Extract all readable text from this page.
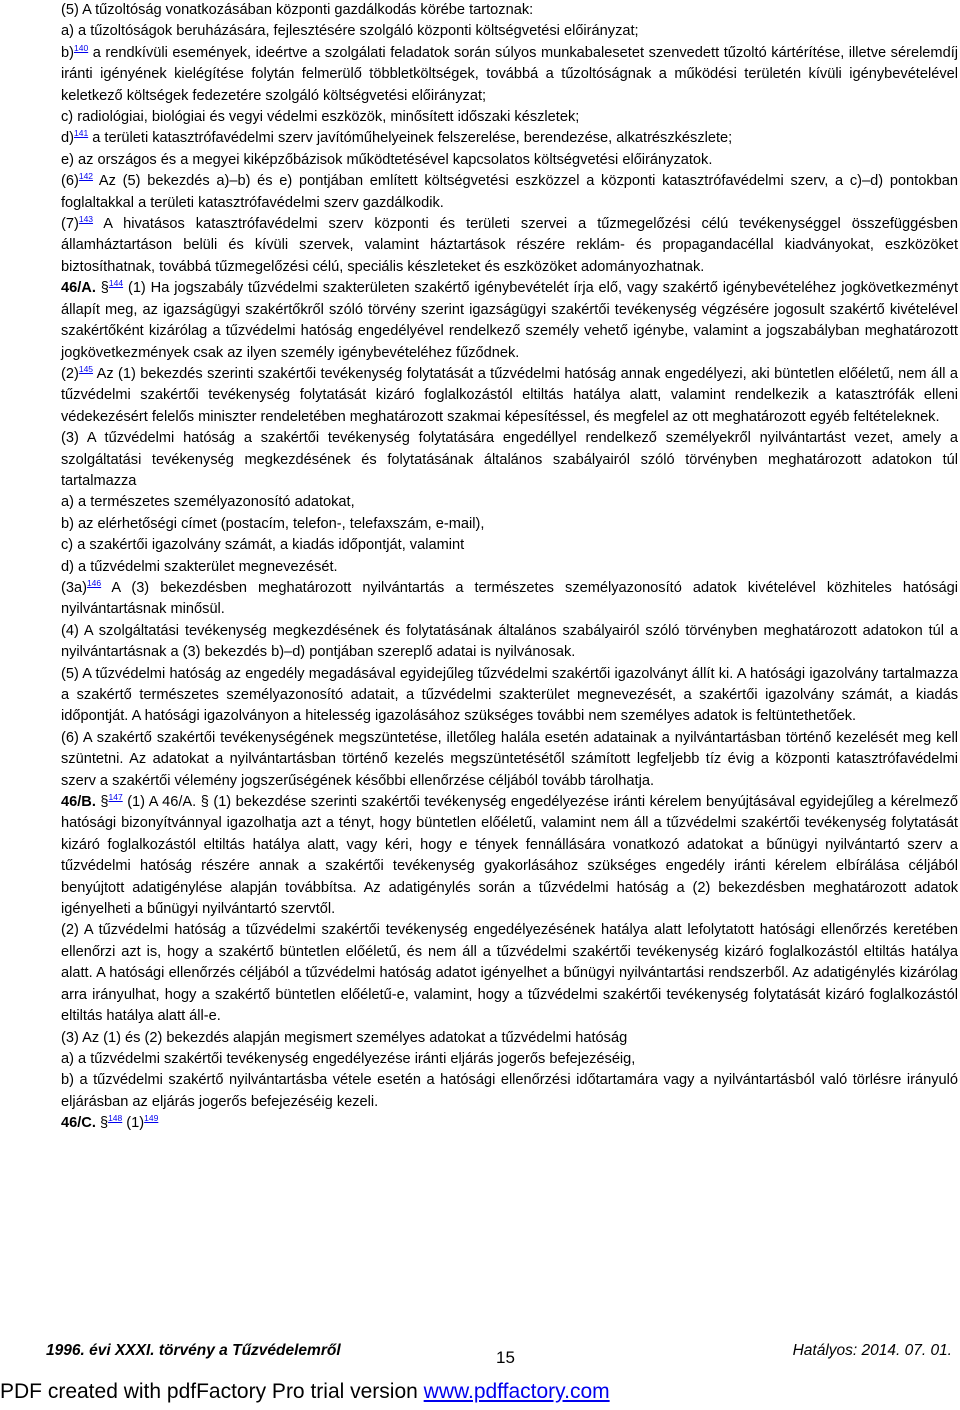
(5) A tűzoltóság vonatkozásában központi gazdálkodás körébe tartoznak:

a) a tűzoltóságok beruházására, fejlesztésére szolgáló központi költségvetési előirányzat;

b)$^{140}$ a rendkívüli események, ideértve a szolgálati feladatok során súlyos munkabalesetet szenvedett tűzoltó kártérítése, illetve sérelemdíj iránti igényének kielégítése folytán felmerülő többletköltségek, továbbá a tűzoltóságnak a működési területén kívüli igénybevételével keletkező költségek fedezetére szolgáló költségvetési előirányzat;

c) radiológiai, biológiai és vegyi védelmi eszközök, minősített időszaki készletek;

d)$^{141}$ a területi katasztrófavédelmi szerv javítóműhelyeinek felszerelése, berendezése, alkatrészkészlete;

e) az országos és a megyei kiképzőbázisok működtetésével kapcsolatos költségvetési előirányzatok.

$(6)^{142}$ Az (5) bekezdés a)–b) és e) pontjában említett költségvetési eszközzel a központi katasztrófavédelmi szerv, a c)–d) pontokban foglaltakkal a területi katasztrófavédelmi szerv gazdálkodik.

$(7)^{143}$ A hivatásos katasztrófavédelmi szerv központi és területi szervei a tűzmegelőzési célú tevékenységgel összefüggésben államháztartáson belüli és kívüli szervek, valamint háztartások részére reklám- és propagandacéllal kiadványokat, eszközöket biztosíthatnak, továbbá tűzmegelőzési célú, speciális készleteket és eszközöket adományozhatnak.

46/A. §$^{144}$ (1) Ha jogszabály tűzvédelmi szakterületen szakértő igénybevételét írja elő, vagy szakértő igénybevételéhez jogkövetkezményt állapít meg, az igazságügyi szakértőkről szóló törvény szerint igazságügyi szakértői tevékenység végzésére jogosult szakértő kivételével szakértőként kizárólag a tűzvédelmi hatóság engedélyével rendelkező személy vehető igénybe, valamint a jogszabályban meghatározott jogkövetkezmények csak az ilyen személy igénybevételéhez fűződnek.

$(2)^{145}$ Az (1) bekezdés szerinti szakértői tevékenység folytatását a tűzvédelmi hatóság annak engedélyezi, aki büntetlen előéletű, nem áll a tűzvédelmi szakértői tevékenység folytatását kizáró foglalkozástól eltiltás hatálya alatt, valamint rendelkezik a katasztrófák elleni védekezésért felelős miniszter rendeletében meghatározott szakmai képesítéssel, és megfelel az ott meghatározott egyéb feltételeknek.

(3) A tűzvédelmi hatóság a szakértői tevékenység folytatására engedéllyel rendelkező személyekről nyilvántartást vezet, amely a szolgáltatási tevékenység megkezdésének és folytatásának általános szabályairól szóló törvényben meghatározott adatokon túl tartalmazza

a) a természetes személyazonosító adatokat,

b) az elérhetőségi címet (postacím, telefon-, telefaxszám, e-mail),

c) a szakértői igazolvány számát, a kiadás időpontját, valamint

d) a tűzvédelmi szakterület megnevezését.

$(3a)^{146}$ A (3) bekezdésben meghatározott nyilvántartás a természetes személyazonosító adatok kivételével közhiteles hatósági nyilvántartásnak minősül.

(4) A szolgáltatási tevékenység megkezdésének és folytatásának általános szabályairól szóló törvényben meghatározott adatokon túl a nyilvántartásnak a (3) bekezdés b)–d) pontjában szereplő adatai is nyilvánosak.

(5) A tűzvédelmi hatóság az engedély megadásával egyidejűleg tűzvédelmi szakértői igazolványt állít ki. A hatósági igazolvány tartalmazza a szakértő természetes személyazonosító adatait, a tűzvédelmi szakterület megnevezését, a szakértői igazolvány számát, a kiadás időpontját. A hatósági igazolványon a hitelesség igazolásához szükséges további nem személyes adatok is feltüntethetőek.

(6) A szakértő szakértői tevékenységének megszüntetése, illetőleg halála esetén adatainak a nyilvántartásban történő kezelését meg kell szüntetni. Az adatokat a nyilvántartásban történő kezelés megszüntetésétől számított legfeljebb tíz évig a központi katasztrófavédelmi szerv a szakértői vélemény jogszerűségének későbbi ellenőrzése céljából tovább tárolhatja.

46/B. §$^{147}$ (1) A 46/A. § (1) bekezdése szerinti szakértői tevékenység engedélyezése iránti kérelem benyújtásával egyidejűleg a kérelmező hatósági bizonyítvánnyal igazolhatja azt a tényt, hogy büntetlen előéletű, valamint nem áll a tűzvédelmi szakértői tevékenység folytatását kizáró foglalkozástól eltiltás hatálya alatt, vagy kéri, hogy e tények fennállására vonatkozó adatokat a bűnügyi nyilvántartó szerv a tűzvédelmi hatóság részére annak a szakértői tevékenység gyakorlásához szükséges engedély iránti kérelem elbírálása céljából benyújtott adatigénylése alapján továbbítsa. Az adatigénylés során a tűzvédelmi hatóság a (2) bekezdésben meghatározott adatok igényelheti a bűnügyi nyilvántartó szervtől.

(2) A tűzvédelmi hatóság a tűzvédelmi szakértői tevékenység engedélyezésének hatálya alatt lefolytatott hatósági ellenőrzés keretében ellenőrzi azt is, hogy a szakértő büntetlen előéletű, és nem áll a tűzvédelmi szakértői tevékenység kizáró foglalkozástól eltiltás hatálya alatt. A hatósági ellenőrzés céljából a tűzvédelmi hatóság adatot igényelhet a bűnügyi nyilvántartási rendszerből. Az adatigénylés kizárólag arra irányulhat, hogy a szakértő büntetlen előéletű-e, valamint, hogy a tűzvédelmi szakértői tevékenység folytatását kizáró foglalkozástól eltiltás hatálya alatt áll-e.

(3) Az (1) és (2) bekezdés alapján megismert személyes adatokat a tűzvédelmi hatóság

a) a tűzvédelmi szakértői tevékenység engedélyezése iránti eljárás jogerős befejezéséig,

b) a tűzvédelmi szakértő nyilvántartásba vétele esetén a hatósági ellenőrzési időtartamára vagy a nyilvántartásból való törlésre irányuló eljárásban az eljárás jogerős befejezéséig kezeli.

46/C. §$^{148}$ $(1)^{149}$

1996. évi XXXI. törvény a Tűzvédelemről	15	Hatályos: 2014. 07. 01.
PDF created with pdfFactory Pro trial version www.pdffactory.com
